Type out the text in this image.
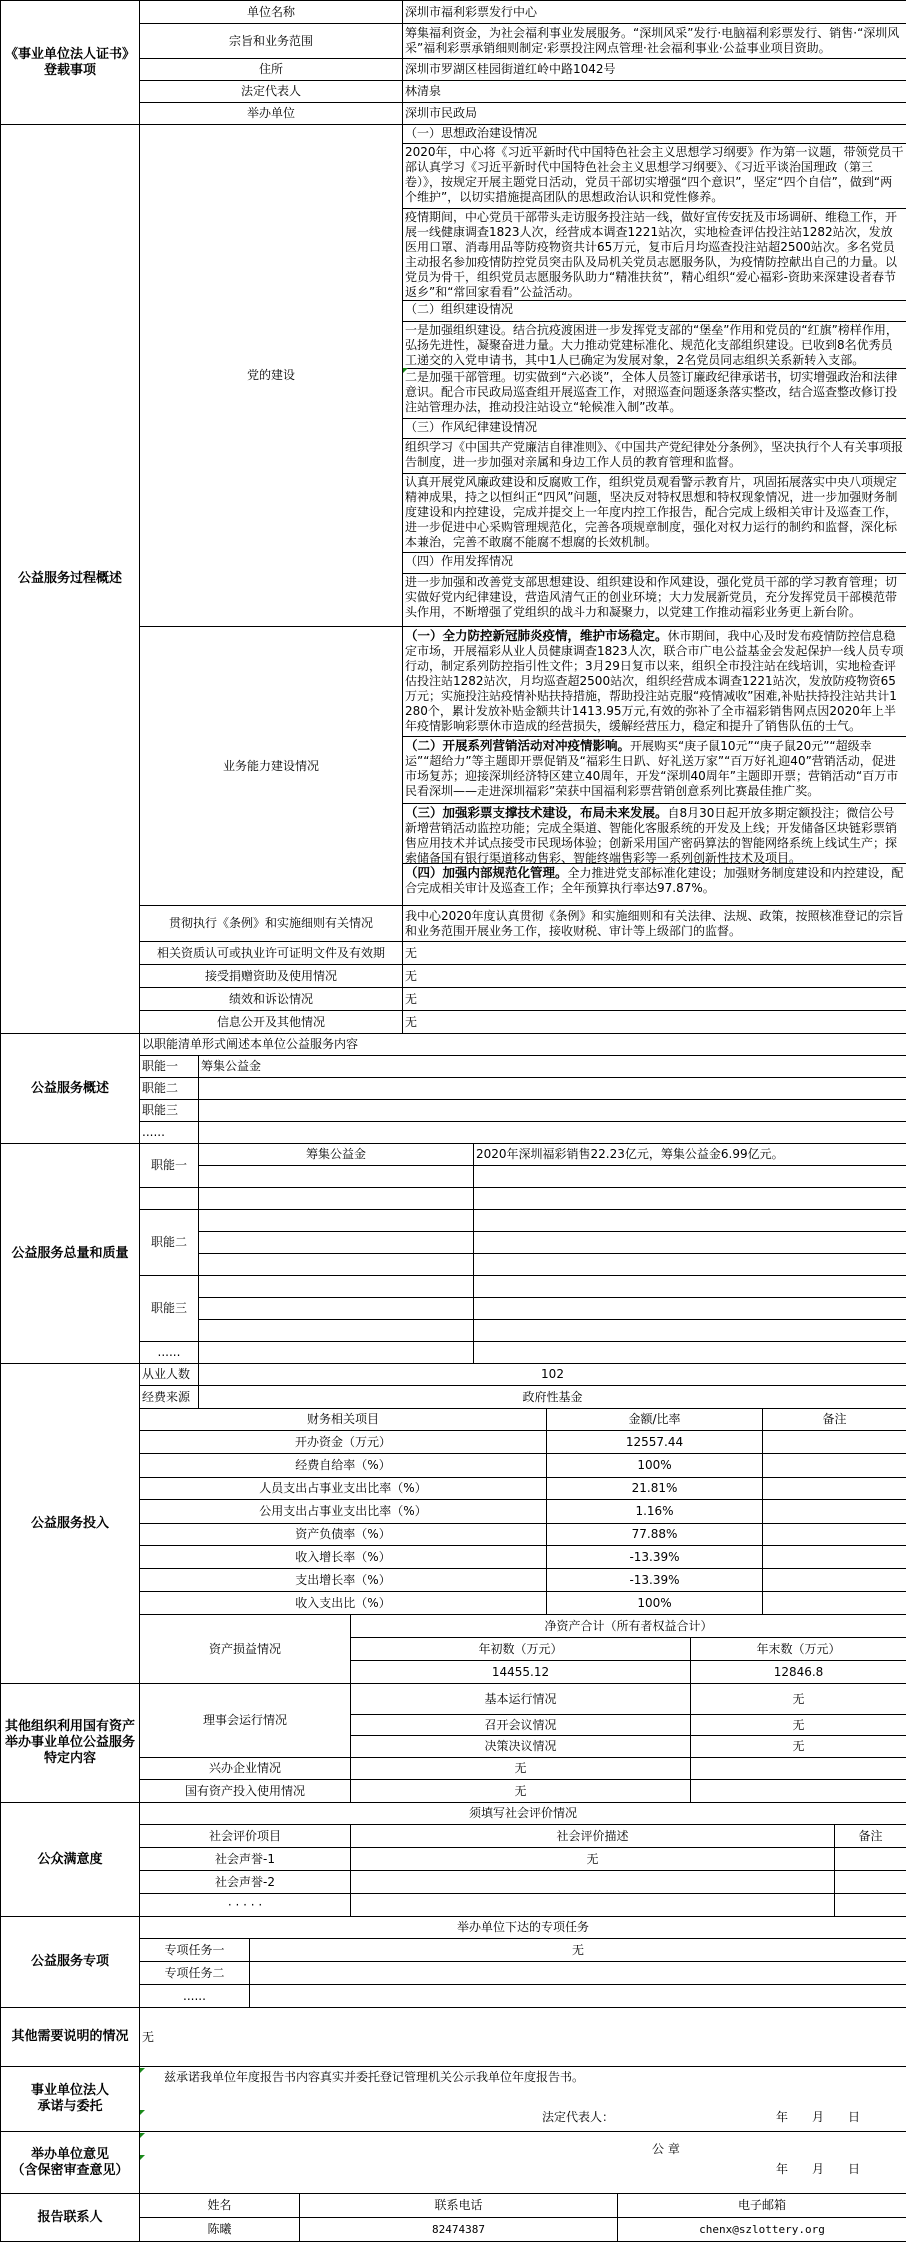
《事业单位法人证书》
登载事项	单位名称	深圳市福利彩票发行中心
	宗旨和业务范围	筹集福利资金，为社会福利事业发展服务。“深圳风采”发行·电脑福利彩票发行、销售·“深圳风采”福利彩票承销细则制定·彩票投注网点管理·社会福利事业·公益事业项目资助。
	住所	深圳市罗湖区桂园街道红岭中路1042号
	法定代表人	林清泉
	举办单位	深圳市民政局
公益服务过程概述	党的建设	
（一）思想政治建设情况
2020年，中心将《习近平新时代中国特色社会主义思想学习纲要》作为第一议题，带领党员干部认真学习《习近平新时代中国特色社会主义思想学习纲要》、《习近平谈治国理政（第三卷）》，按规定开展主题党日活动，党员干部切实增强“四个意识”，坚定“四个自信”，做到“两个维护”，以切实措施提高团队的思想政治认识和党性修养。
疫情期间，中心党员干部带头走访服务投注站一线，做好宣传安抚及市场调研、维稳工作，开展一线健康调查1823人次，经营成本调查1221站次，实地检查评估投注站1282站次，发放医用口罩、消毒用品等防疫物资共计65万元，复市后月均巡查投注站超2500站次。多名党员主动报名参加疫情防控党员突击队及局机关党员志愿服务队，为疫情防控献出自己的力量。以党员为骨干，组织党员志愿服务队助力“精准扶贫”，精心组织“爱心福彩-资助来深建设者春节返乡”和“常回家看看”公益活动。
（二）组织建设情况
一是加强组织建设。结合抗疫渡困进一步发挥党支部的“堡垒”作用和党员的“红旗”榜样作用，弘扬先进性，凝聚奋进力量。大力推动党建标准化、规范化支部组织建设。已收到8名优秀员工递交的入党申请书，其中1人已确定为发展对象，2名党员同志组织关系新转入支部。
二是加强干部管理。切实做到“六必谈”，全体人员签订廉政纪律承诺书，切实增强政治和法律意识。配合市民政局巡查组开展巡查工作，对照巡查问题逐条落实整改，结合巡查整改修订投注站管理办法，推动投注站设立“轮候准入制”改革。
（三）作风纪律建设情况
组织学习《中国共产党廉洁自律准则》、《中国共产党纪律处分条例》，坚决执行个人有关事项报告制度，进一步加强对亲属和身边工作人员的教育管理和监督。
认真开展党风廉政建设和反腐败工作，组织党员观看警示教育片，巩固拓展落实中央八项规定精神成果，持之以恒纠正“四风”问题，坚决反对特权思想和特权现象情况，进一步加强财务制度建设和内控建设，完成并提交上一年度内控工作报告，配合完成上级相关审计及巡查工作，进一步促进中心采购管理规范化，完善各项规章制度，强化对权力运行的制约和监督，深化标本兼治，完善不敢腐不能腐不想腐的长效机制。
（四）作用发挥情况
进一步加强和改善党支部思想建设、组织建设和作风建设，强化党员干部的学习教育管理；切实做好党内纪律建设，营造风清气正的创业环境；大力发展新党员，充分发挥党员干部模范带头作用，不断增强了党组织的战斗力和凝聚力，以党建工作推动福彩业务更上新台阶。

	业务能力建设情况	（一）全力防控新冠肺炎疫情，维护市场稳定。休市期间，我中心及时发布疫情防控信息稳定市场，开展福彩从业人员健康调查1823人次，联合市广电公益基金会发起保护一线人员专项行动，制定系列防控指引性文件；3月29日复市以来，组织全市投注站在线培训，实地检查评估投注站1282站次，月均巡查超2500站次，组织经营成本调查1221站次，发放防疫物资65万元；实施投注站疫情补贴扶持措施，帮助投注站克服“疫情减收”困难,补贴扶持投注站共计1280个，累计发放补贴金额共计1413.95万元,有效的弥补了全市福彩销售网点因2020年上半年疫情影响彩票休市造成的经营损失，缓解经营压力，稳定和提升了销售队伍的士气。
（二）开展系列营销活动对冲疫情影响。开展购买“庚子鼠10元”“庚子鼠20元”“超级幸运”“超给力”等主题即开票促销及“福彩生日趴、好礼送万家”“百万好礼迎40”营销活动，促进市场复苏；迎接深圳经济特区建立40周年，开发“深圳40周年”主题即开票；营销活动“百万市民看深圳——走进深圳福彩”荣获中国福利彩票营销创意系列比赛最佳推广奖。
（三）加强彩票支撑技术建设，布局未来发展。自8月30日起开放多期定额投注；微信公号新增营销活动监控功能；完成全渠道、智能化客服系统的开发及上线；开发储备区块链彩票销售应用技术并试点接受市民现场体验；创新采用国产密码算法的智能网络系统上线试生产；探索储备国有银行渠道移动售彩、智能终端售彩等一系列创新性技术及项目。
（四）加强内部规范化管理。全力推进党支部标准化建设；加强财务制度建设和内控建设，配合完成相关审计及巡查工作；全年预算执行率达97.87%。

	贯彻执行《条例》和实施细则有关情况	我中心2020年度认真贯彻《条例》和实施细则和有关法律、法规、政策，按照核准登记的宗旨和业务范围开展业务工作，接收财税、审计等上级部门的监督。
	相关资质认可或执业许可证明文件及有效期	无
	接受捐赠资助及使用情况	无
	绩效和诉讼情况	无
	信息公开及其他情况	无
公益服务概述	以职能清单形式阐述本单位公益服务内容	
	职能一	筹集公益金
	职能二	
	职能三	
	......	
公益服务总量和质量	职能一	筹集公益金	2020年深圳福彩销售22.23亿元，筹集公益金6.99亿元。

	职能二		

	职能三		

	......		
公益服务投入	从业人数	102				
	经费来源	政府性基金				
	财务相关项目			金额/比率		备注
	开办资金（万元）			12557.44		
	经费自给率（%）			100%		
	人员支出占事业支出比率（%）			21.81%		
	公用支出占事业支出比率（%）			1.16%		
	资产负债率（%）			77.88%		
	收入增长率（%）			-13.39%		
	支出增长率（%）			-13.39%		
	收入支出比（%）			100%		
	资产损益情况		净资产合计（所有者权益合计）			
			年初数（万元）		年末数（万元）	
			14455.12		12846.8	
其他组织利用国有资产举办事业单位公益服务特定内容	理事会运行情况	基本运行情况	无
		召开会议情况	无
		决策决议情况	无
	兴办企业情况	无	
	国有资产投入使用情况	无	
公众满意度	须填写社会评价情况		
	社会评价项目	社会评价描述	备注
	社会声誉-1	无	
	社会声誉-2		
	· · · · ·		
公益服务专项	举办单位下达的专项任务	
	专项任务一	无
	专项任务二	
	......	
其他需要说明的情况	无
事业单位法人
承诺与委托	兹承诺我单位年度报告书内容真实并委托登记管理机关公示我单位年度报告书。
法定代表人： 年 月 日

举办单位意见
（含保密审查意见）	公 章
年 月 日
报告联系人	姓名	联系电话	电子邮箱
	陈曦	82474387	chenx@szlottery.org
